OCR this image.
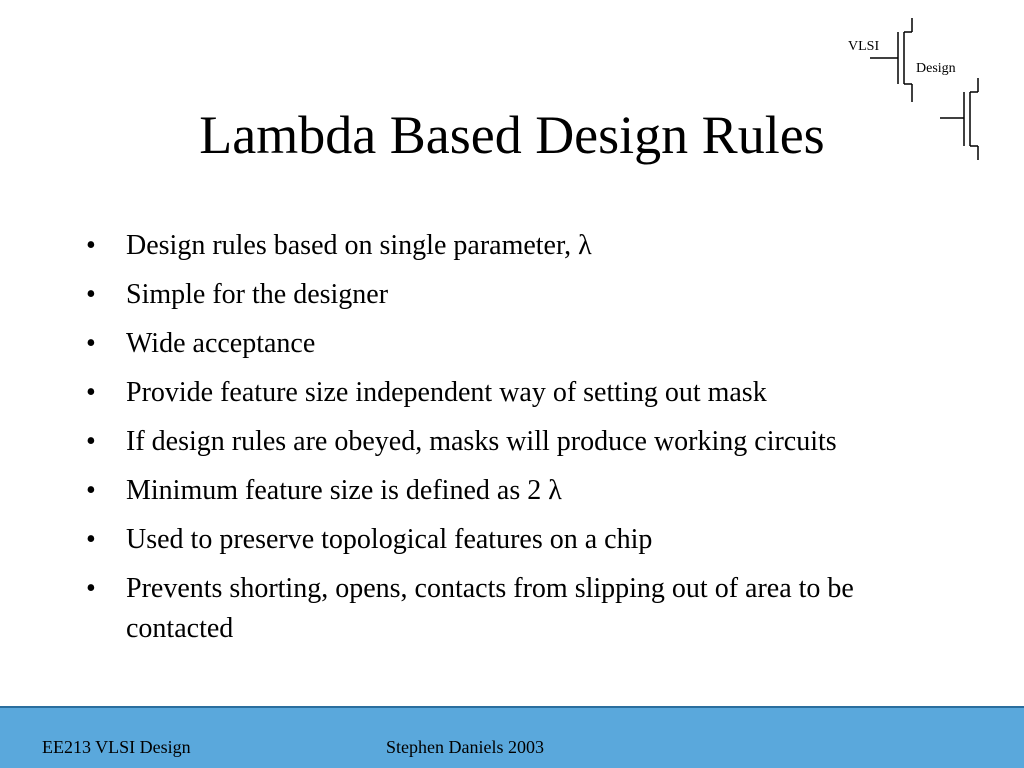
VLSI
Design
Lambda Based Design Rules
• Design rules based on single parameter, λ
• Simple for the designer
• Wide acceptance
• Provide feature size independent way of setting out mask
• If design rules are obeyed, masks will produce working circuits
• Minimum feature size is defined as 2 λ
• Used to preserve topological features on a chip
• Prevents shorting, opens, contacts from slipping out of area to be contacted
EE213 VLSI Design	Stephen Daniels 2003
